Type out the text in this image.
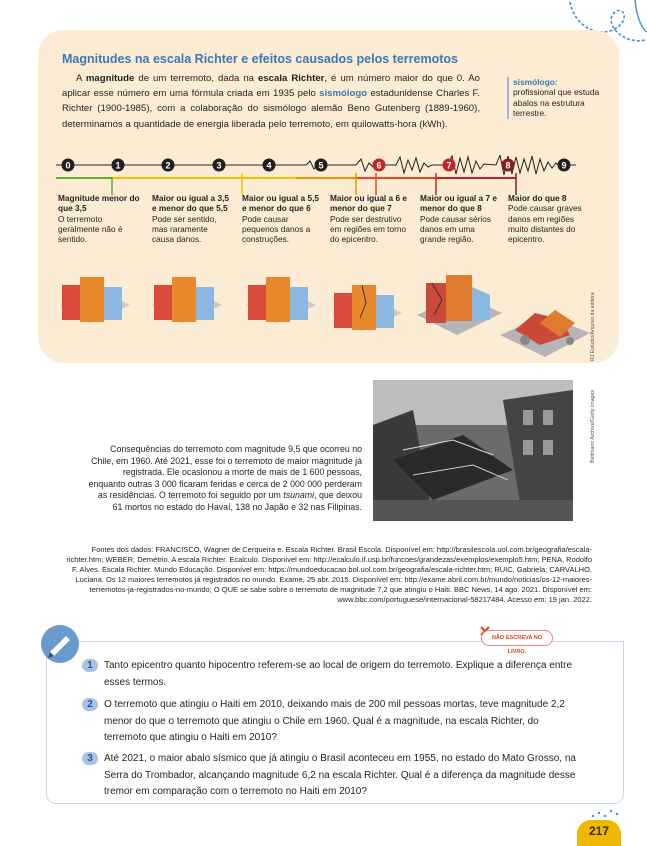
Magnitudes na escala Richter e efeitos causados pelos terremotos

A magnitude de um terremoto, dada na escala Richter, é um número maior do que 0. Ao aplicar esse número em uma fórmula criada em 1935 pelo sismólogo estadunidense Charles F. Richter (1900-1985), com a colaboração do sismólogo alemão Beno Gutenberg (1889-1960), determinamos a quantidade de energia liberada pelo terremoto, em quilowatts-hora (kWh).

sismólogo:
profissional que estuda abalos na estrutura terrestre.
0	1	2	3	4	5	6	7	8	9
Magnitude menor do que 3,5
O terremoto geralmente não é sentido.
Maior ou igual a 3,5 e menor do que 5,5
Pode ser sentido, mas raramente causa danos.
Maior ou igual a 5,5 e menor do que 6
Pode causar pequenos danos a construções.
Maior ou igual a 6 e menor do que 7
Pode ser destrutivo em regiões em torno do epicentro.
Maior ou igual a 7 e menor do que 8
Pode causar sérios danos em uma grande região.
Maior do que 8
Pode causar graves danos em regiões muito distantes do epicentro.
RJ Estúdio/Arquivo da editora
Bettmann Archive/Getty Images
Consequências do terremoto com magnitude 9,5 que ocorreu no Chile, em 1960. Até 2021, esse foi o terremoto de maior magnitude já registrada. Ele ocasionou a morte de mais de 1 600 pessoas, enquanto outras 3 000 ficaram feridas e cerca de 2 000 000 perderam as residências. O terremoto foi seguido por um tsunami, que deixou 61 mortos no estado do Havaí, 138 no Japão e 32 nas Filipinas.
Fontes dos dados: FRANCISCO, Wagner de Cerqueira e. Escala Richter. Brasil Escola. Disponível em: http://brasilescola.uol.com.br/geografia/escala-richter.htm; WEBER, Demétrio. A escala Richter. Ecalculo. Disponível em: http://ecalculo.if.usp.br/funcoes/grandezas/exemplos/exemplo5.htm; PENA, Rodolfo F. Alves. Escala Richter. Mundo Educação. Disponível em: https://mundoeducacao.bol.uol.com.br/geografia/escala-richter.htm; RUIC, Gabriela; CARVALHO, Luciana. Os 12 maiores terremotos já registrados no mundo. Exame, 25 abr. 2015. Disponível em: http://exame.abril.com.br/mundo/noticias/os-12-maiores-terremotos-ja-registrados-no-mundo; O QUE se sabe sobre o terremoto de magnitude 7,2 que atingiu o Haiti. BBC News, 14 ago. 2021. Disponível em: www.bbc.com/portuguese/internacional-58217484. Acesso em: 19 jan. 2022.
NÃO ESCREVA NO LIVRO.
1	Tanto epicentro quanto hipocentro referem-se ao local de origem do terremoto. Explique a diferença entre esses termos.
2	O terremoto que atingiu o Haiti em 2010, deixando mais de 200 mil pessoas mortas, teve magnitude 2,2 menor do que o terremoto que atingiu o Chile em 1960. Qual é a magnitude, na escala Richter, do terremoto que atingiu o Haiti em 2010?
3	Até 2021, o maior abalo sísmico que já atingiu o Brasil aconteceu em 1955, no estado do Mato Grosso, na Serra do Trombador, alcançando magnitude 6,2 na escala Richter. Qual é a diferença da magnitude desse tremor em comparação com o terremoto no Haiti em 2010?
217
